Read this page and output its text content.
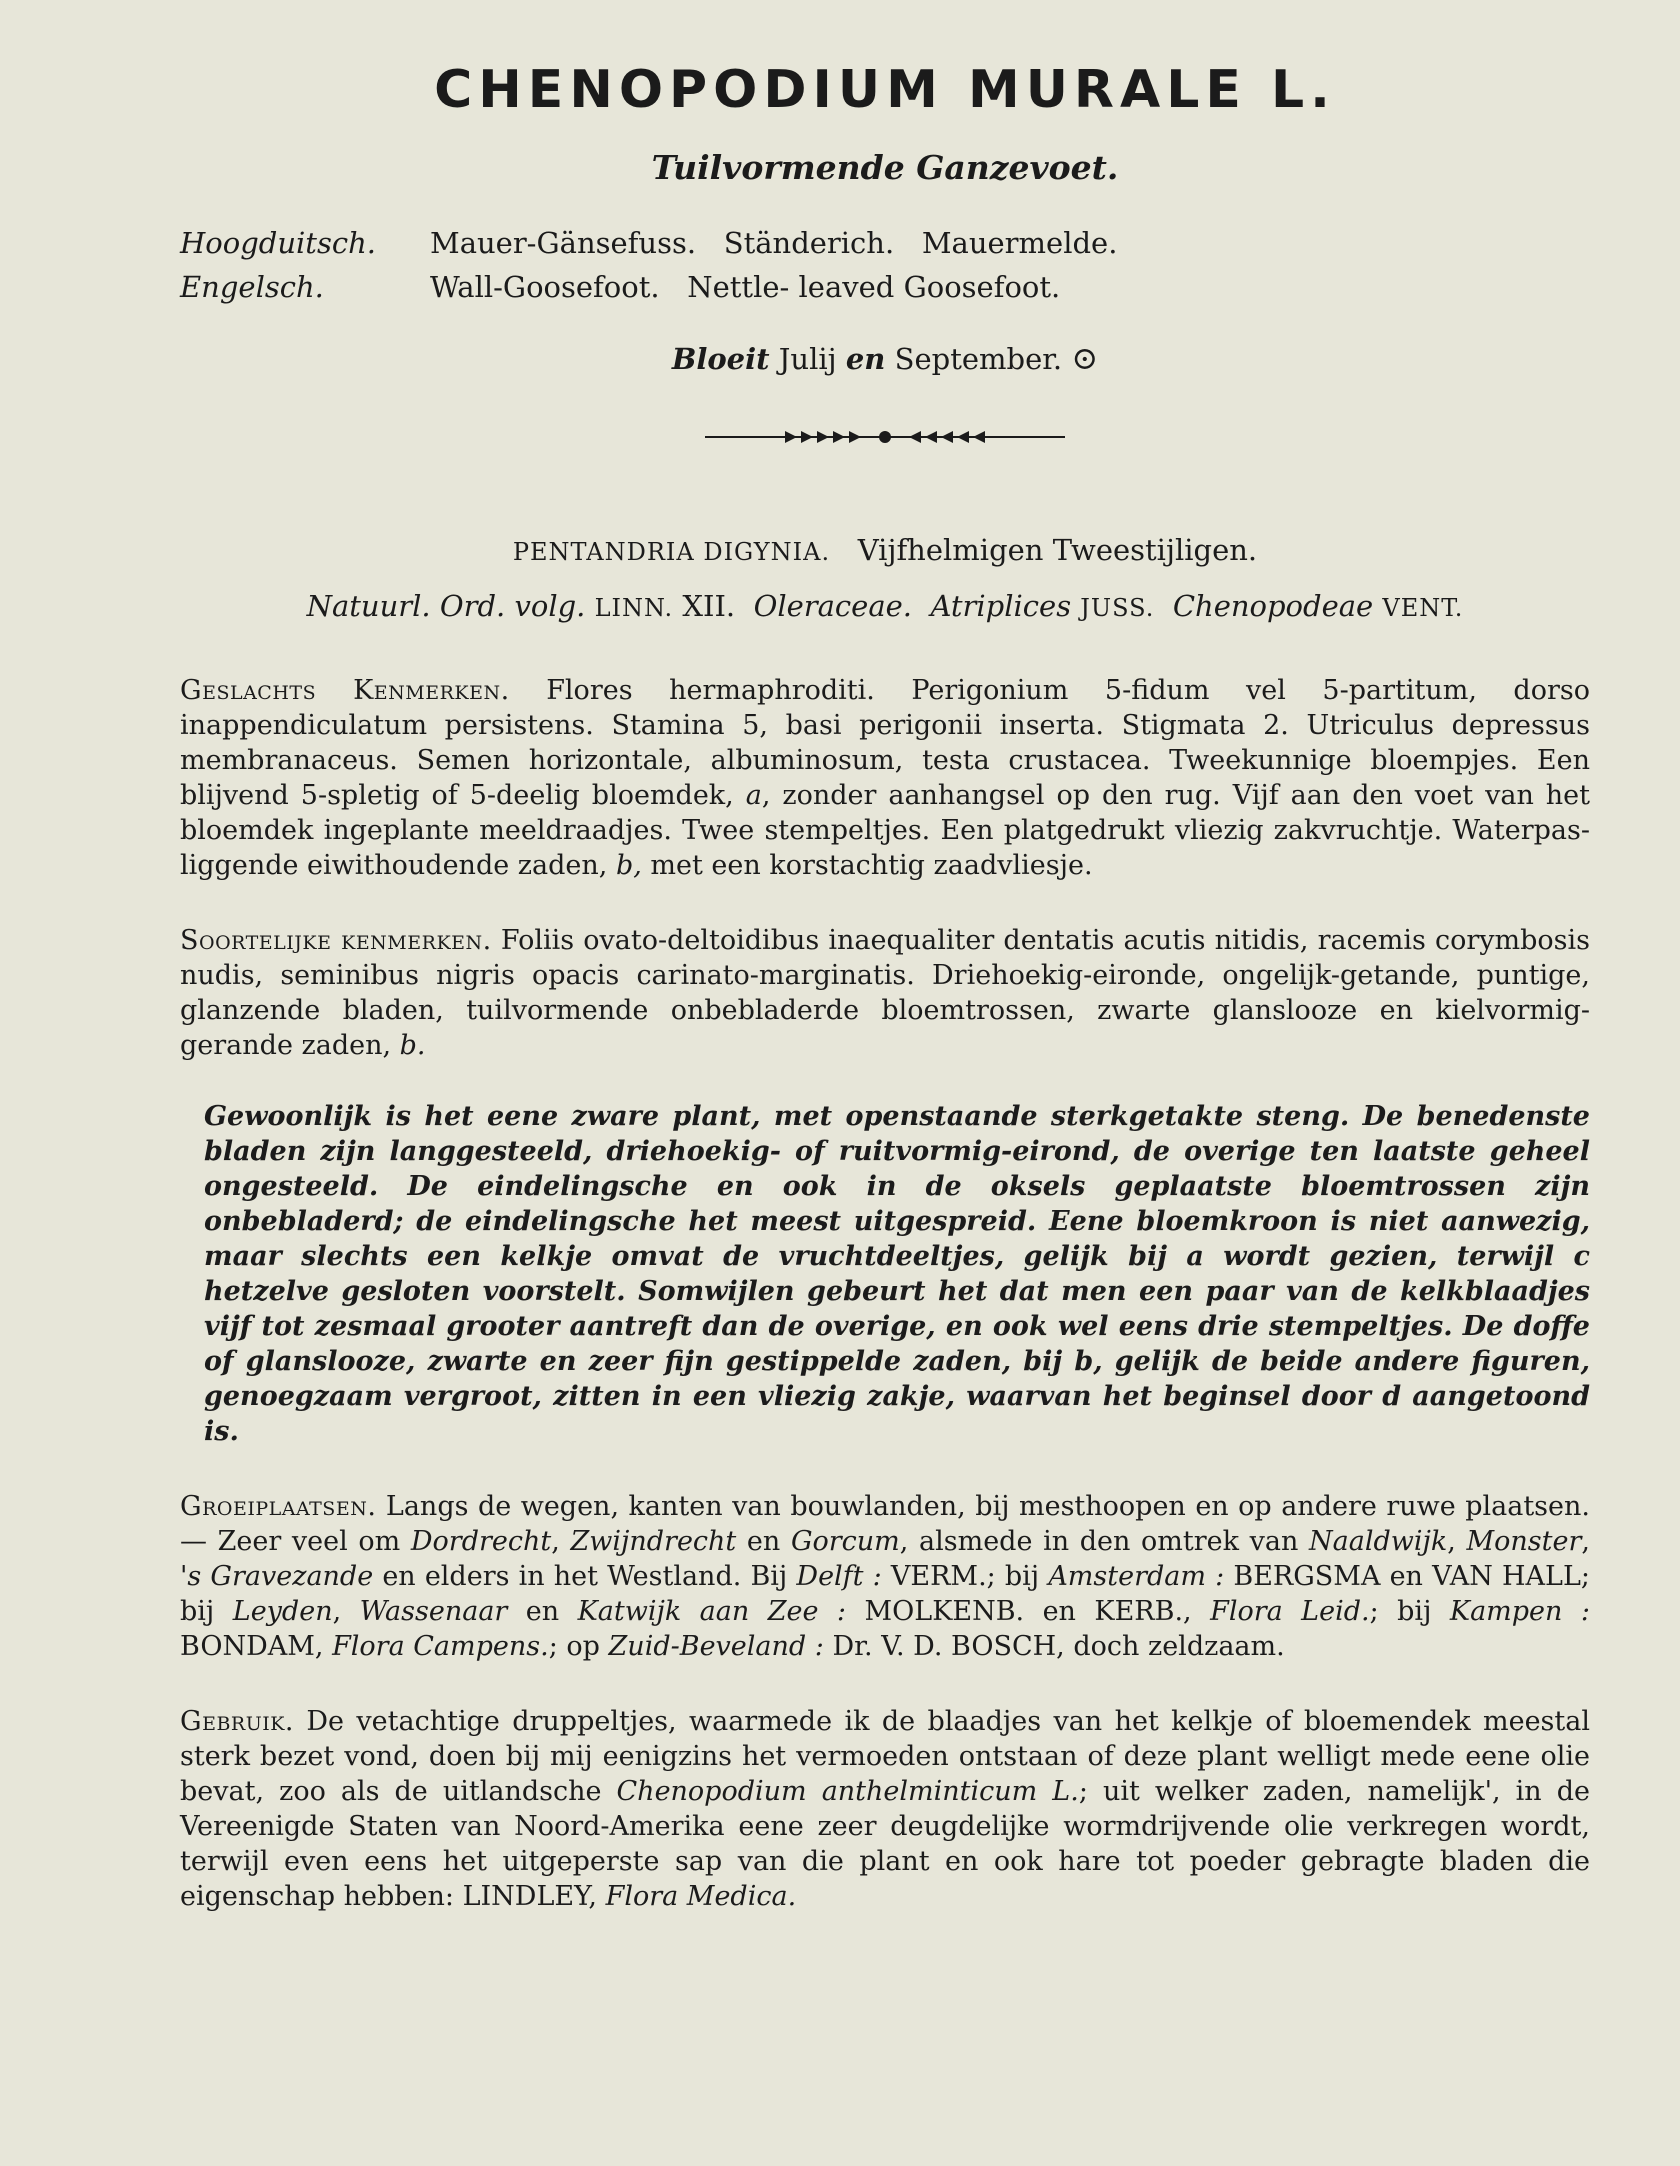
CHENOPODIUM MURALE L.
Tuilvormende Ganzevoet.
Hoogduitsch.	Mauer-Gänsefuss.   Ständerich.   Mauermelde.
Engelsch.	Wall-Goosefoot.   Nettle- leaved Goosefoot.
Bloeit Julij en September. ⊙
PENTANDRIA DIGYNIA. Vijfhelmigen Tweestijligen.
Natuurl. Ord. volg. LINN. XII. Oleraceae. Atriplices JUSS. Chenopodeae VENT.

Geslachts Kenmerken. Flores hermaphroditi. Perigonium 5-fidum vel 5-partitum, dorso inappendiculatum persistens. Stamina 5, basi perigonii inserta. Stigmata 2. Utriculus depressus membranaceus. Semen horizontale, albuminosum, testa crustacea. Tweekunnige bloempjes. Een blijvend 5-spletig of 5-deelig bloemdek, a, zonder aanhangsel op den rug. Vijf aan den voet van het bloemdek ingeplante meeldraadjes. Twee stempeltjes. Een platgedrukt vliezig zakvruchtje. Waterpas-liggende eiwithoudende zaden, b, met een korstachtig zaadvliesje.

Soortelijke kenmerken. Foliis ovato-deltoidibus inaequaliter dentatis acutis nitidis, racemis corymbosis nudis, seminibus nigris opacis carinato-marginatis. Driehoekig-eironde, ongelijk-getande, puntige, glanzende bladen, tuilvormende onbebladerde bloemtrossen, zwarte glanslooze en kielvormig-gerande zaden, b.

Gewoonlijk is het eene zware plant, met openstaande sterkgetakte steng. De benedenste bladen zijn langgesteeld, driehoekig- of ruitvormig-eirond, de overige ten laatste geheel ongesteeld. De eindelingsche en ook in de oksels geplaatste bloemtrossen zijn onbebladerd; de eindelingsche het meest uitgespreid. Eene bloemkroon is niet aanwezig, maar slechts een kelkje omvat de vruchtdeeltjes, gelijk bij a wordt gezien, terwijl c hetzelve gesloten voorstelt. Somwijlen gebeurt het dat men een paar van de kelkblaadjes vijf tot zesmaal grooter aantreft dan de overige, en ook wel eens drie stempeltjes. De doffe of glanslooze, zwarte en zeer fijn gestippelde zaden, bij b, gelijk de beide andere figuren, genoegzaam vergroot, zitten in een vliezig zakje, waarvan het beginsel door d aangetoond is.

Groeiplaatsen. Langs de wegen, kanten van bouwlanden, bij mesthoopen en op andere ruwe plaatsen. — Zeer veel om Dordrecht, Zwijndrecht en Gorcum, alsmede in den omtrek van Naaldwijk, Monster, 's Gravezande en elders in het Westland. Bij Delft : VERM.; bij Amsterdam : BERGSMA en VAN HALL; bij Leyden, Wassenaar en Katwijk aan Zee : MOLKENB. en KERB., Flora Leid.; bij Kampen : BONDAM, Flora Campens.; op Zuid-Beveland : Dr. V. D. BOSCH, doch zeldzaam.

Gebruik. De vetachtige druppeltjes, waarmede ik de blaadjes van het kelkje of bloemendek meestal sterk bezet vond, doen bij mij eenigzins het vermoeden ontstaan of deze plant welligt mede eene olie bevat, zoo als de uitlandsche Chenopodium anthelminticum L.; uit welker zaden, namelijk', in de Vereenigde Staten van Noord-Amerika eene zeer deugdelijke wormdrijvende olie verkregen wordt, terwijl even eens het uitgeperste sap van die plant en ook hare tot poeder gebragte bladen die eigenschap hebben: LINDLEY, Flora Medica.
